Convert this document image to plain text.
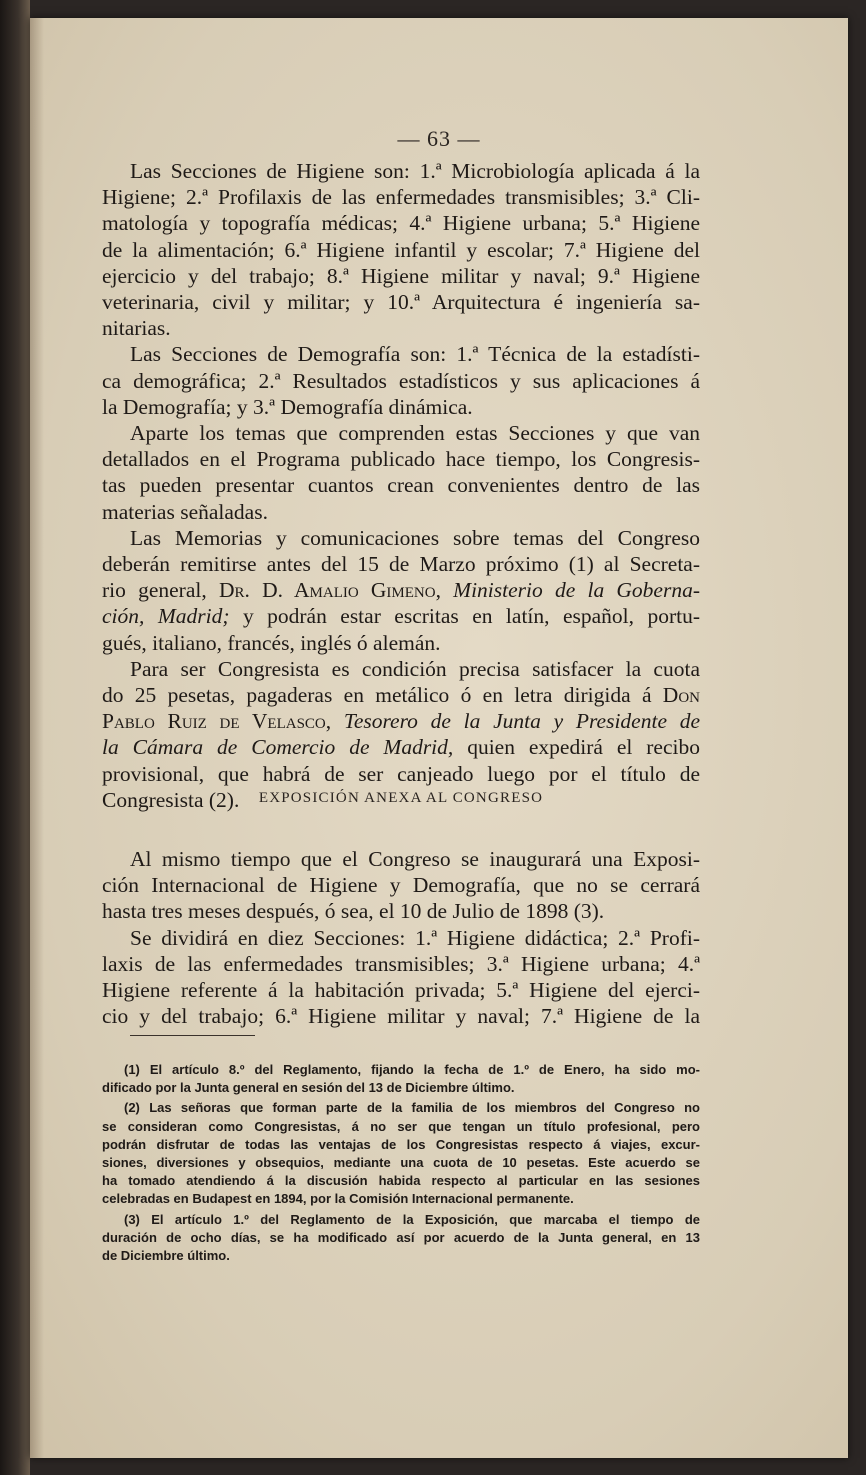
— 63 —
Las Secciones de Higiene son: 1.ª Microbiología aplicada á la
Higiene; 2.ª Profilaxis de las enfermedades transmisibles; 3.ª Cli-
matología y topografía médicas; 4.ª Higiene urbana; 5.ª Higiene
de la alimentación; 6.ª Higiene infantil y escolar; 7.ª Higiene del
ejercicio y del trabajo; 8.ª Higiene militar y naval; 9.ª Higiene
veterinaria, civil y militar; y 10.ª Arquitectura é ingeniería sa-
nitarias.
Las Secciones de Demografía son: 1.ª Técnica de la estadísti-
ca demográfica; 2.ª Resultados estadísticos y sus aplicaciones á
la Demografía; y 3.ª Demografía dinámica.
Aparte los temas que comprenden estas Secciones y que van
detallados en el Programa publicado hace tiempo, los Congresis-
tas pueden presentar cuantos crean convenientes dentro de las
materias señaladas.
Las Memorias y comunicaciones sobre temas del Congreso
deberán remitirse antes del 15 de Marzo próximo (1) al Secreta-
rio general, Dr. D. Amalio Gimeno, Ministerio de la Goberna-
ción, Madrid; y podrán estar escritas en latín, español, portu-
gués, italiano, francés, inglés ó alemán.
Para ser Congresista es condición precisa satisfacer la cuota
do 25 pesetas, pagaderas en metálico ó en letra dirigida á Don
Pablo Ruiz de Velasco, Tesorero de la Junta y Presidente de
la Cámara de Comercio de Madrid, quien expedirá el recibo
provisional, que habrá de ser canjeado luego por el título de
Congresista (2).	EXPOSICIÓN ANEXA AL CONGRESO
Al mismo tiempo que el Congreso se inaugurará una Exposi-
ción Internacional de Higiene y Demografía, que no se cerrará
hasta tres meses después, ó sea, el 10 de Julio de 1898 (3).
Se dividirá en diez Secciones: 1.ª Higiene didáctica; 2.ª Profi-
laxis de las enfermedades transmisibles; 3.ª Higiene urbana; 4.ª
Higiene referente á la habitación privada; 5.ª Higiene del ejerci-
cio y del trabajo; 6.ª Higiene militar y naval; 7.ª Higiene de la
(1) El artículo 8.º del Reglamento, fijando la fecha de 1.º de Enero, ha sido mo-
dificado por la Junta general en sesión del 13 de Diciembre último.
(2) Las señoras que forman parte de la familia de los miembros del Congreso no
se consideran como Congresistas, á no ser que tengan un título profesional, pero
podrán disfrutar de todas las ventajas de los Congresistas respecto á viajes, excur-
siones, diversiones y obsequios, mediante una cuota de 10 pesetas. Este acuerdo se
ha tomado atendiendo á la discusión habida respecto al particular en las sesiones
celebradas en Budapest en 1894, por la Comisión Internacional permanente.
(3) El artículo 1.º del Reglamento de la Exposición, que marcaba el tiempo de
duración de ocho días, se ha modificado así por acuerdo de la Junta general, en 13
de Diciembre último.
